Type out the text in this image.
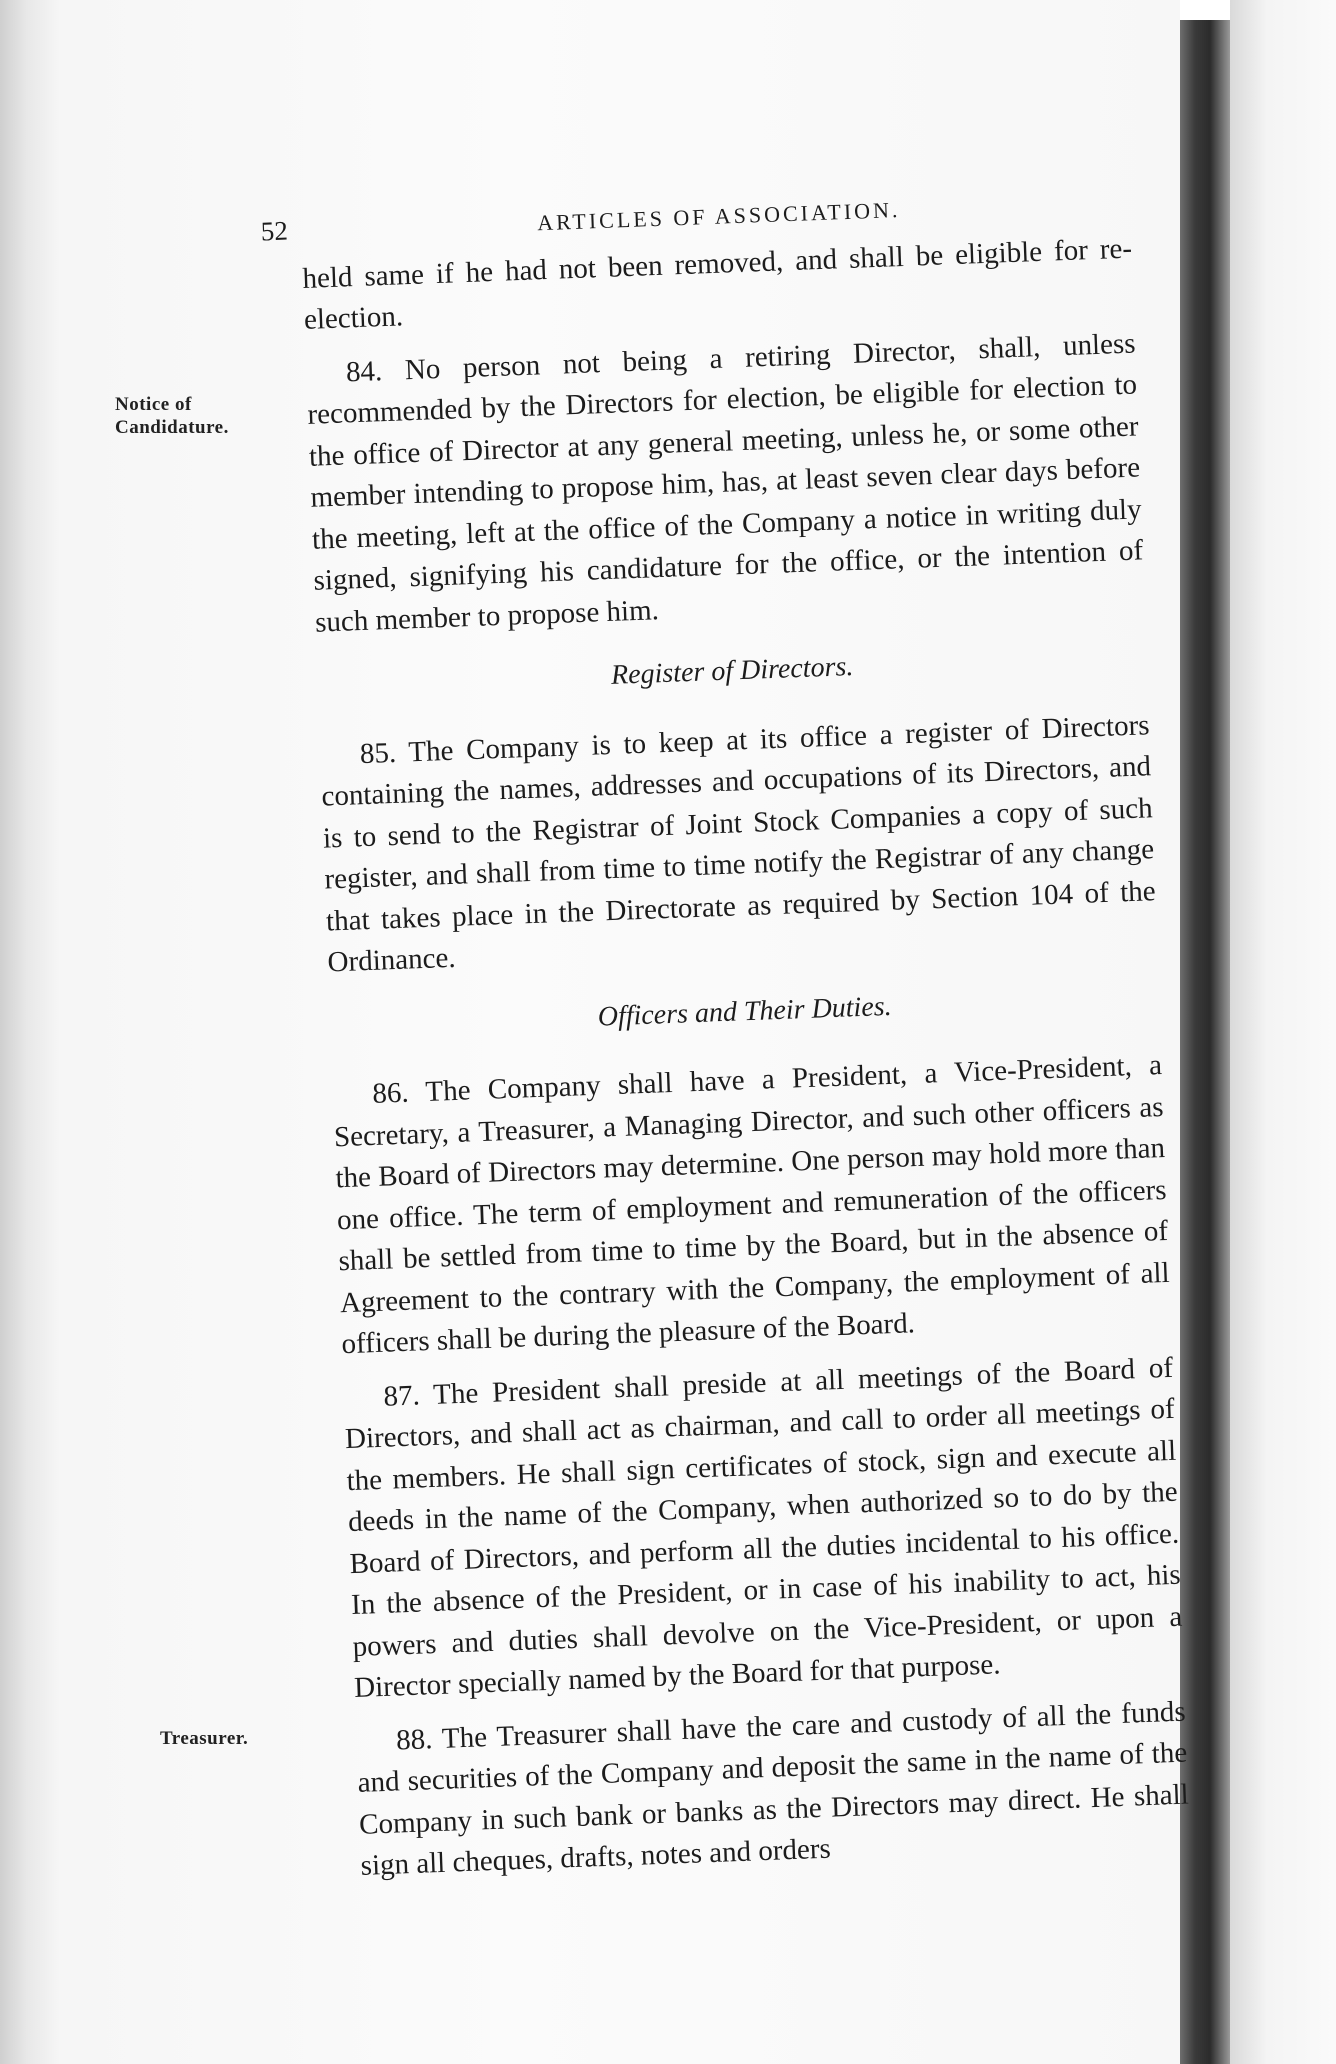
Notice of
Candidature.
Treasurer.
52	ARTICLES OF ASSOCIATION.

held same if he had not been removed, and shall be eligible for re-election.

84. No person not being a retiring Director, shall, unless recommended by the Directors for election, be eligible for election to the office of Director at any general meeting, unless he, or some other member intending to propose him, has, at least seven clear days before the meeting, left at the office of the Company a notice in writing duly signed, signifying his candidature for the office, or the intention of such member to propose him.

Register of Directors.

85. The Company is to keep at its office a register of Directors containing the names, addresses and occupations of its Directors, and is to send to the Registrar of Joint Stock Companies a copy of such register, and shall from time to time notify the Registrar of any change that takes place in the Directorate as required by Section 104 of the Ordinance.

Officers and Their Duties.

86. The Company shall have a President, a Vice-President, a Secretary, a Treasurer, a Managing Director, and such other officers as the Board of Directors may determine. One person may hold more than one office. The term of employment and remuneration of the officers shall be settled from time to time by the Board, but in the absence of Agreement to the contrary with the Company, the employment of all officers shall be during the pleasure of the Board.

87. The President shall preside at all meetings of the Board of Directors, and shall act as chairman, and call to order all meetings of the members. He shall sign certificates of stock, sign and execute all deeds in the name of the Company, when authorized so to do by the Board of Directors, and perform all the duties incidental to his office. In the absence of the President, or in case of his inability to act, his powers and duties shall devolve on the Vice-President, or upon a Director specially named by the Board for that purpose.

88. The Treasurer shall have the care and custody of all the funds and securities of the Company and deposit the same in the name of the Company in such bank or banks as the Directors may direct. He shall sign all cheques, drafts, notes and orders
